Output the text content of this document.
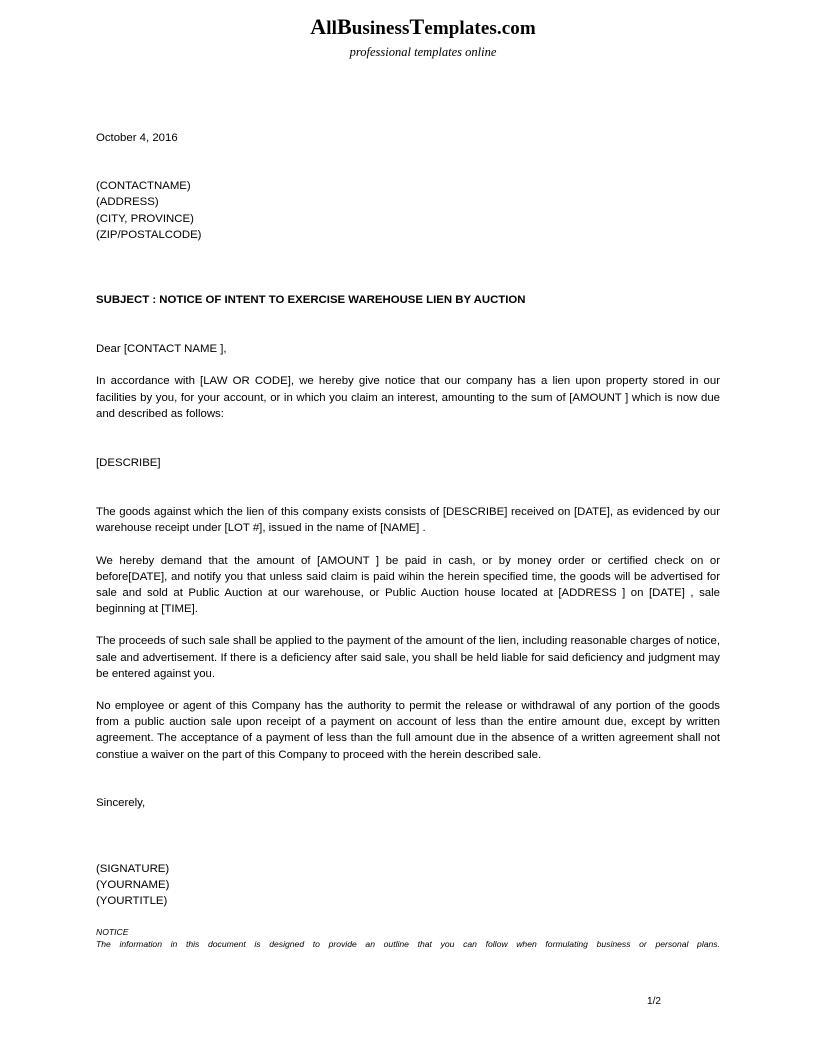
AllBusinessTemplates.com
professional templates online

October 4, 2016

(CONTACTNAME)
(ADDRESS)
(CITY, PROVINCE)
(ZIP/POSTALCODE)

SUBJECT : NOTICE OF INTENT TO EXERCISE WAREHOUSE LIEN BY AUCTION

Dear [CONTACT NAME ],

In accordance with [LAW OR CODE], we hereby give notice that our company has a lien upon property stored in our facilities by you, for your account, or in which you claim an interest, amounting to the sum of [AMOUNT ] which is now due and described as follows:

[DESCRIBE]

The goods against which the lien of this company exists consists of [DESCRIBE] received on [DATE], as evidenced by our warehouse receipt under [LOT #], issued in the name of [NAME] .

We hereby demand that the amount of [AMOUNT ] be paid in cash, or by money order or certified check on or before[DATE], and notify you that unless said claim is paid wihin the herein specified time, the goods will be advertised for sale and sold at Public Auction at our warehouse, or Public Auction house located at [ADDRESS ] on [DATE] , sale beginning at [TIME].

The proceeds of such sale shall be applied to the payment of the amount of the lien, including reasonable charges of notice, sale and advertisement. If there is a deficiency after said sale, you shall be held liable for said deficiency and judgment may be entered against you.

No employee or agent of this Company has the authority to permit the release or withdrawal of any portion of the goods from a public auction sale upon receipt of a payment on account of less than the entire amount due, except by written agreement. The acceptance of a payment of less than the full amount due in the absence of a written agreement shall not constiue a waiver on the part of this Company to proceed with the herein described sale.

Sincerely,

(SIGNATURE)
(YOURNAME)
(YOURTITLE)
NOTICE
The information in this document is designed to provide an outline that you can follow when formulating business or personal plans.
1/2
